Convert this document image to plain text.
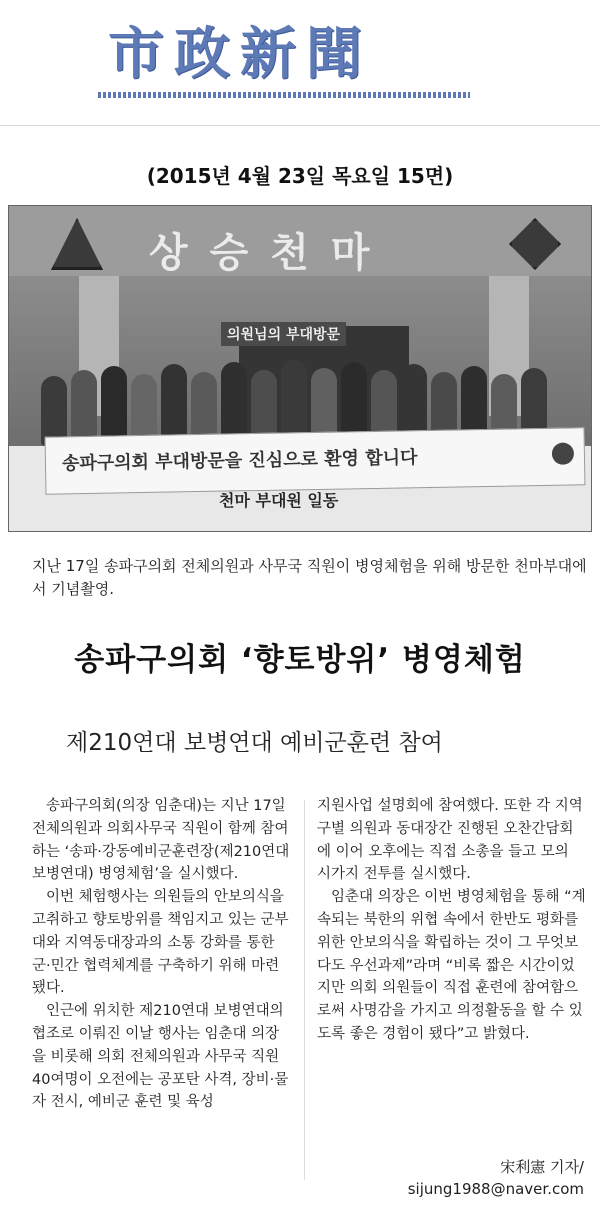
市政新聞
(2015년 4월 23일 목요일 15면)
상승천마
의원님의 부대방문
송파구의회 부대방문을 진심으로 환영 합니다
천마 부대원 일동
지난 17일 송파구의회 전체의원과 사무국 직원이 병영체험을 위해 방문한 천마부대에서 기념촬영.
송파구의회 ‘향토방위’ 병영체험
제210연대 보병연대 예비군훈련 참여

송파구의회(의장 임춘대)는 지난 17일 전체의원과 의회사무국 직원이 함께 참여하는 ‘송파·강동예비군훈련장(제210연대 보병연대) 병영체험’을 실시했다.

이번 체험행사는 의원들의 안보의식을 고취하고 향토방위를 책임지고 있는 군부대와 지역동대장과의 소통 강화를 통한 군·민간 협력체계를 구축하기 위해 마련됐다.

인근에 위치한 제210연대 보병연대의 협조로 이뤄진 이날 행사는 임춘대 의장을 비롯해 의회 전체의원과 사무국 직원 40여명이 오전에는 공포탄 사격, 장비·물자 전시, 예비군 훈련 및 육성

지원사업 설명회에 참여했다. 또한 각 지역구별 의원과 동대장간 진행된 오찬간담회에 이어 오후에는 직접 소총을 들고 모의 시가지 전투를 실시했다.

임춘대 의장은 이번 병영체험을 통해 “계속되는 북한의 위협 속에서 한반도 평화를 위한 안보의식을 확립하는 것이 그 무엇보다도 우선과제”라며 “비록 짧은 시간이었지만 의회 의원들이 직접 훈련에 참여함으로써 사명감을 가지고 의정활동을 할 수 있도록 좋은 경험이 됐다”고 밝혔다.

宋利憲 기자/
sijung1988@naver.com
